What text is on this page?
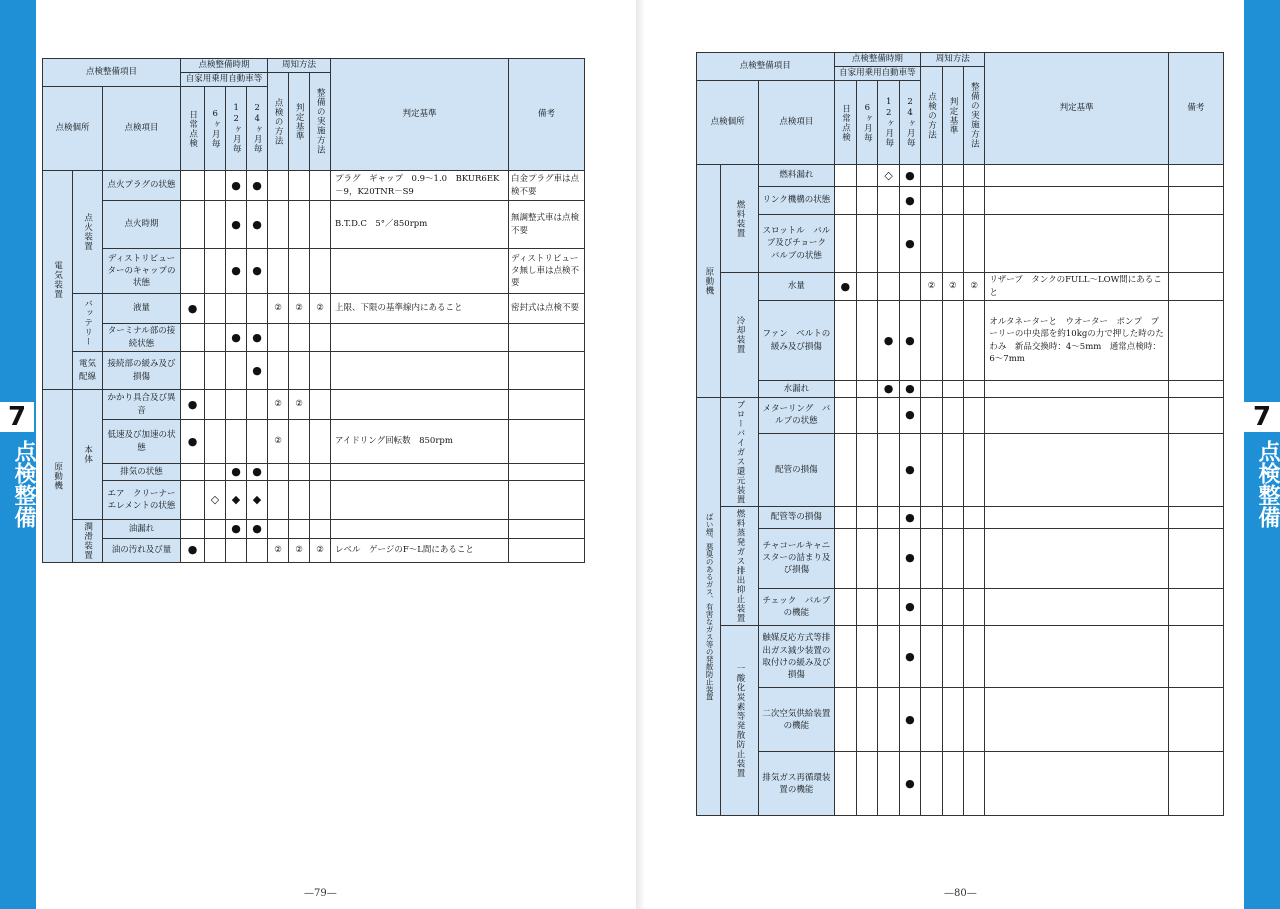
7
点検整備
7
点検整備
点検整備項目			点検整備時期				周知方法			判定基準	備考
			自家用乗用自動車等				点検の方法	判定基準	整備の実施方法		
点検個所		点検項目	日常点検	6ヶ月毎	12ヶ月毎	24ヶ月毎					
電気装置	点火装置	点火プラグの状態			●	●				プラグ　ギャップ　0.9～1.0　BKUR6EK－9，K20TNR－S9	白金プラグ車は点検不要
		点火時期			●	●				B.T.D.C　5°／850rpm	無調整式車は点検不要
		ディストリビューターのキャップの状態			●	●					ディストリビュータ無し車は点検不要
	バッテリー	液量	●				②	②	②	上限、下限の基準線内にあること	密封式は点検不要
		ターミナル部の接続状態			●	●					
	電気配線	接続部の緩み及び損傷				●					
原動機	本体	かかり具合及び異音	●				②	②			
		低速及び加速の状態	●				②			アイドリング回転数　850rpm	
		排気の状態			●	●					
		エア　クリーナー　エレメントの状態		◇	◆	◆					
	潤滑装置	油漏れ			●	●					
		油の汚れ及び量	●				②	②	②	レベル　ゲージのF～L間にあること	
点検整備項目			点検整備時期				周知方法			判定基準	備考
			自家用乗用自動車等				点検の方法	判定基準	整備の実施方法		
点検個所		点検項目	日常点検	6ヶ月毎	12ヶ月毎	24ヶ月毎					
原動機	燃料装置	燃料漏れ			◇	●					
		リンク機構の状態				●					
		スロットル　バルブ及びチョーク　バルブの状態				●					
	冷却装置	水量	●				②	②	②	リザーブ　タンクのFULL～LOW間にあること	
		ファン　ベルトの緩み及び損傷			●	●				オルタネーターと　ウオーター　ポンプ　プーリーの中央部を約10kgの力で押した時のたわみ　新品交換時：4～5mm　通常点検時：6～7mm	
		水漏れ			●	●					
ばい煙、悪臭のあるガス、有害なガス等の発散防止装置	ブローバイガス還元装置	メターリング　バルブの状態				●					
		配管の損傷				●					
	燃料蒸発ガス排出抑止装置	配管等の損傷				●					
		チャコールキャニスターの詰まり及び損傷				●					
		チェック　バルブの機能				●					
	一酸化炭素等発散防止装置	触媒反応方式等排出ガス減少装置の取付けの緩み及び損傷				●					
		二次空気供給装置の機能				●					
		排気ガス再循環装置の機能				●					
—79—	—80—
